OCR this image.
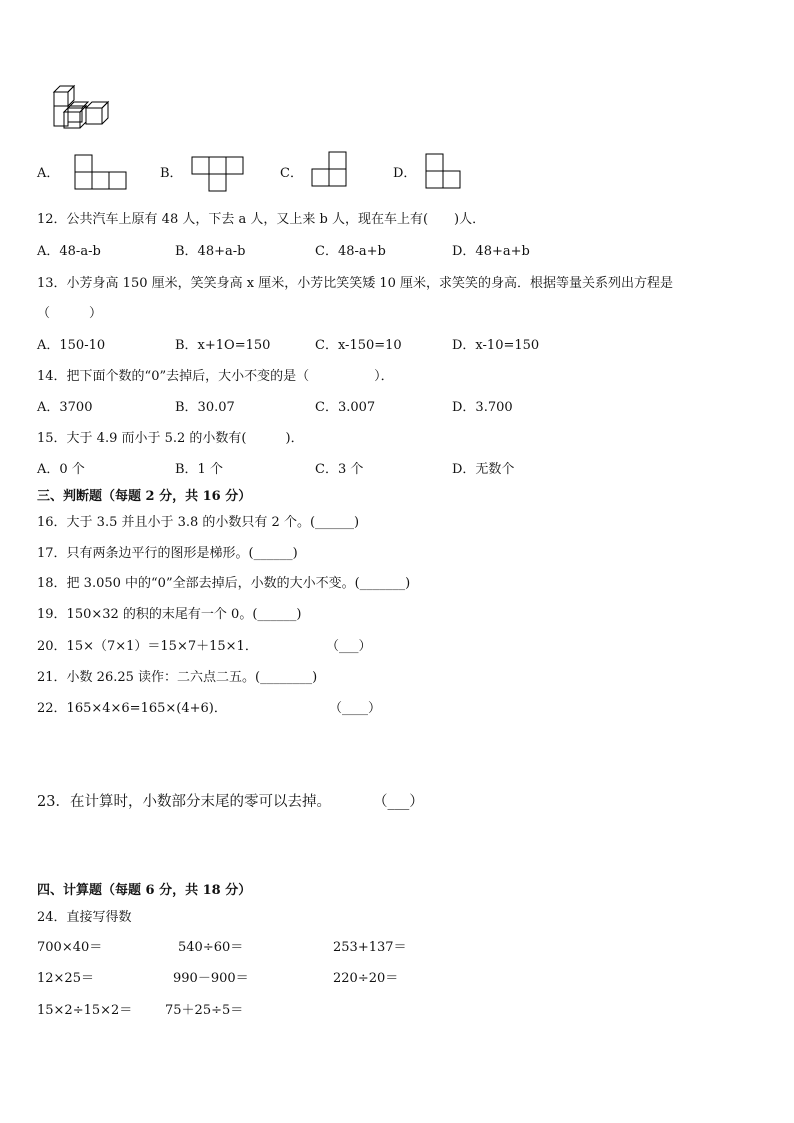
A．	B．	C．	D．
12．公共汽车上原有 48 人，下去 a 人，又上来 b 人，现在车上有(　　)人．
A．48-a-b	B．48+a-b	C．48-a+b	D．48+a+b
13．小芳身高 150 厘米，笑笑身高 x 厘米，小芳比笑笑矮 10 厘米，求笑笑的身高．根据等量关系列出方程是
（　　　）
A．150-10	B．x+1O=150	C．x-150=10	D．x-10=150
14．把下面个数的“0”去掉后，大小不变的是（　　　　　）．
A．3700	B．30.07	C．3.007	D．3.700
15．大于 4.9 而小于 5.2 的小数有(　　　)．
A．0 个	B．1 个	C．3 个	D．无数个
三、判断题（每题 2 分，共 16 分）
16．大于 3.5 并且小于 3.8 的小数只有 2 个。(______)
17．只有两条边平行的图形是梯形。(______)
18．把 3.050 中的“0”全部去掉后，小数的大小不变。(_______)
19．150×32 的积的末尾有一个 0。(______)
20．15×（7×1）＝15×7＋15×1．	（___）
21．小数 26.25 读作：二六点二五。(________)
22．165×4×6=165×(4+6)．	（____）
23．在计算时，小数部分末尾的零可以去掉。	（___）
四、计算题（每题 6 分，共 18 分）
24．直接写得数
700×40＝	540÷60＝	253+137＝
12×25＝	990－900＝	220÷20＝
15×2÷15×2＝	75＋25÷5＝
